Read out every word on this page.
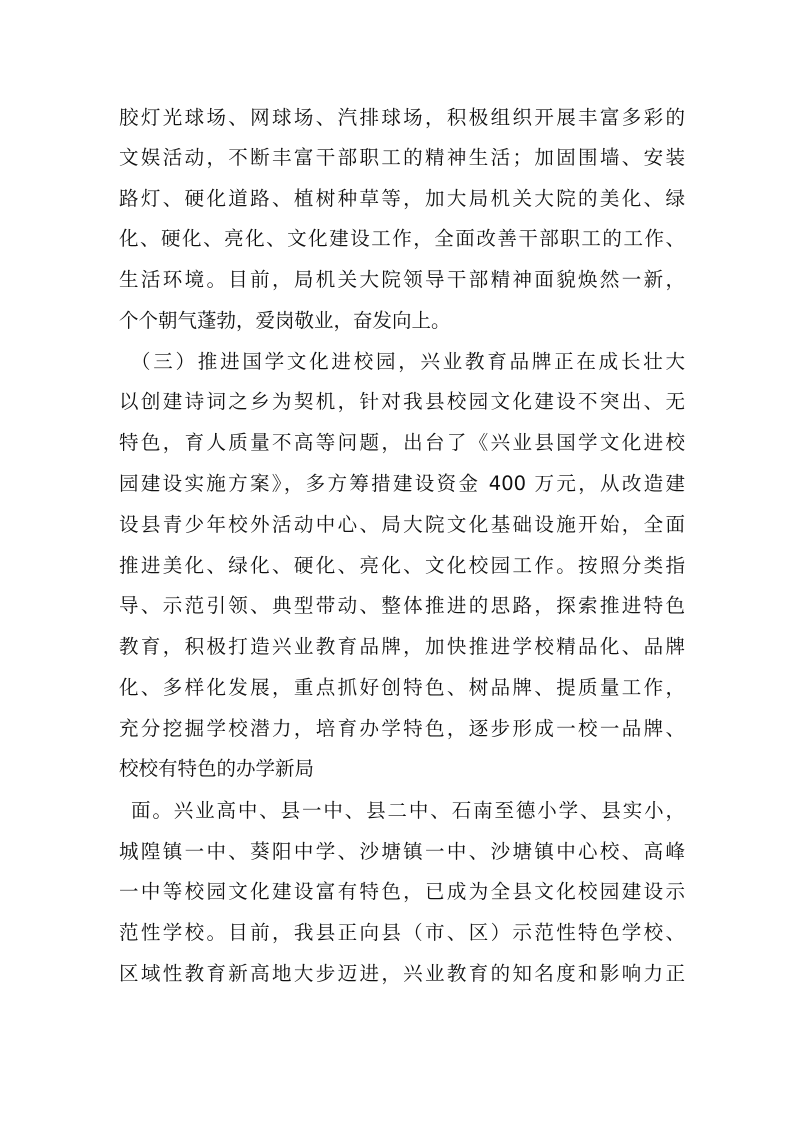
胶灯光球场、网球场、汽排球场，积极组织开展丰富多彩的
文娱活动，不断丰富干部职工的精神生活；加固围墙、安装
路灯、硬化道路、植树种草等，加大局机关大院的美化、绿
化、硬化、亮化、文化建设工作，全面改善干部职工的工作、
生活环境。目前，局机关大院领导干部精神面貌焕然一新，
个个朝气蓬勃，爱岗敬业，奋发向上。
（三）推进国学文化进校园，兴业教育品牌正在成长壮大
以创建诗词之乡为契机，针对我县校园文化建设不突出、无
特色，育人质量不高等问题，出台了《兴业县国学文化进校
园建设实施方案》，多方筹措建设资金 400 万元，从改造建
设县青少年校外活动中心、局大院文化基础设施开始，全面
推进美化、绿化、硬化、亮化、文化校园工作。按照分类指
导、示范引领、典型带动、整体推进的思路，探索推进特色
教育，积极打造兴业教育品牌，加快推进学校精品化、品牌
化、多样化发展，重点抓好创特色、树品牌、提质量工作，
充分挖掘学校潜力，培育办学特色，逐步形成一校一品牌、
校校有特色的办学新局
面。兴业高中、县一中、县二中、石南至德小学、县实小，
城隍镇一中、葵阳中学、沙塘镇一中、沙塘镇中心校、高峰
一中等校园文化建设富有特色，已成为全县文化校园建设示
范性学校。目前，我县正向县（市、区）示范性特色学校、
区域性教育新高地大步迈进，兴业教育的知名度和影响力正
